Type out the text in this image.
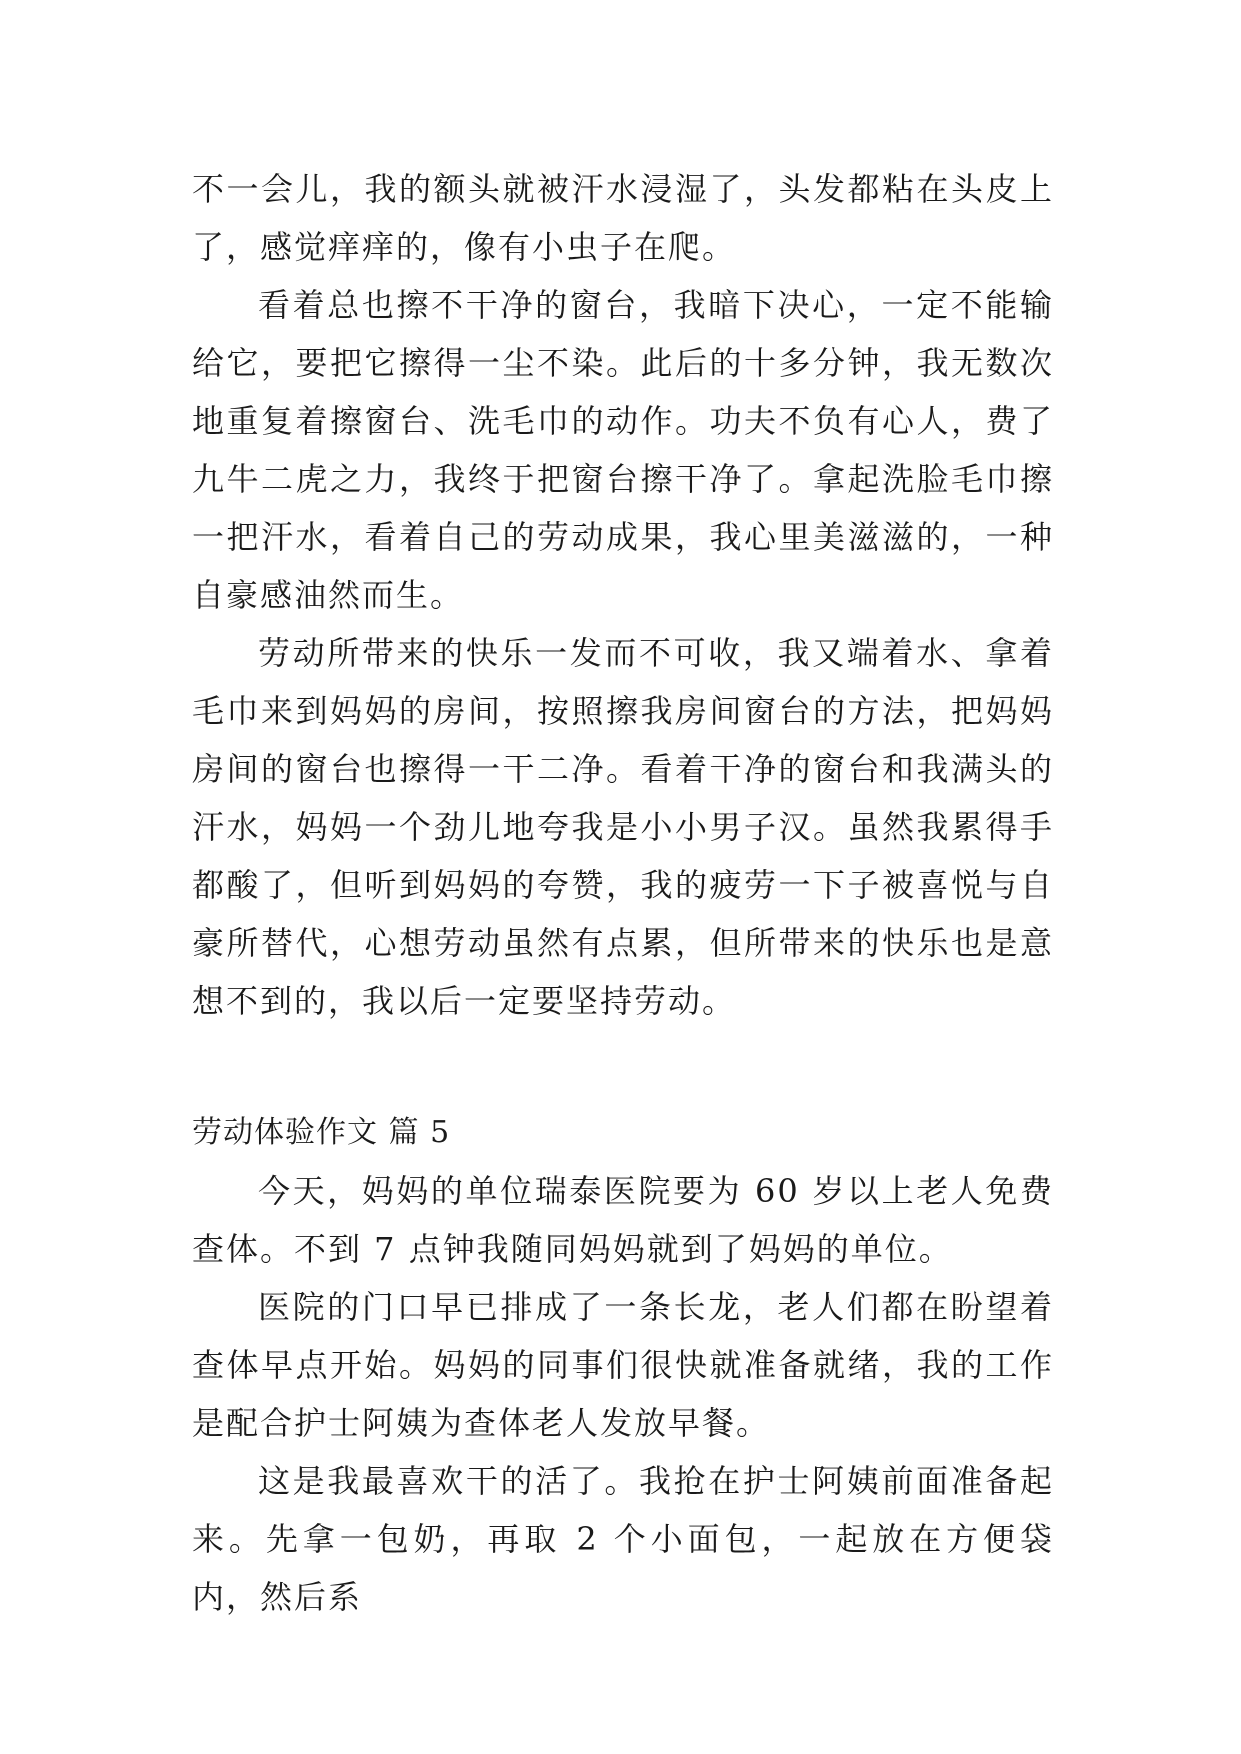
不一会儿，我的额头就被汗水浸湿了，头发都粘在头皮上了，感觉痒痒的，像有小虫子在爬。

看着总也擦不干净的窗台，我暗下决心，一定不能输给它，要把它擦得一尘不染。此后的十多分钟，我无数次地重复着擦窗台、洗毛巾的动作。功夫不负有心人，费了九牛二虎之力，我终于把窗台擦干净了。拿起洗脸毛巾擦一把汗水，看着自己的劳动成果，我心里美滋滋的，一种自豪感油然而生。

劳动所带来的快乐一发而不可收，我又端着水、拿着毛巾来到妈妈的房间，按照擦我房间窗台的方法，把妈妈房间的窗台也擦得一干二净。看着干净的窗台和我满头的汗水，妈妈一个劲儿地夸我是小小男子汉。虽然我累得手都酸了，但听到妈妈的夸赞，我的疲劳一下子被喜悦与自豪所替代，心想劳动虽然有点累，但所带来的快乐也是意想不到的，我以后一定要坚持劳动。

劳动体验作文 篇 5

今天，妈妈的单位瑞泰医院要为 60 岁以上老人免费查体。不到 7 点钟我随同妈妈就到了妈妈的单位。

医院的门口早已排成了一条长龙，老人们都在盼望着查体早点开始。妈妈的同事们很快就准备就绪，我的工作是配合护士阿姨为查体老人发放早餐。

这是我最喜欢干的活了。我抢在护士阿姨前面准备起来。先拿一包奶，再取 2 个小面包，一起放在方便袋内，然后系
